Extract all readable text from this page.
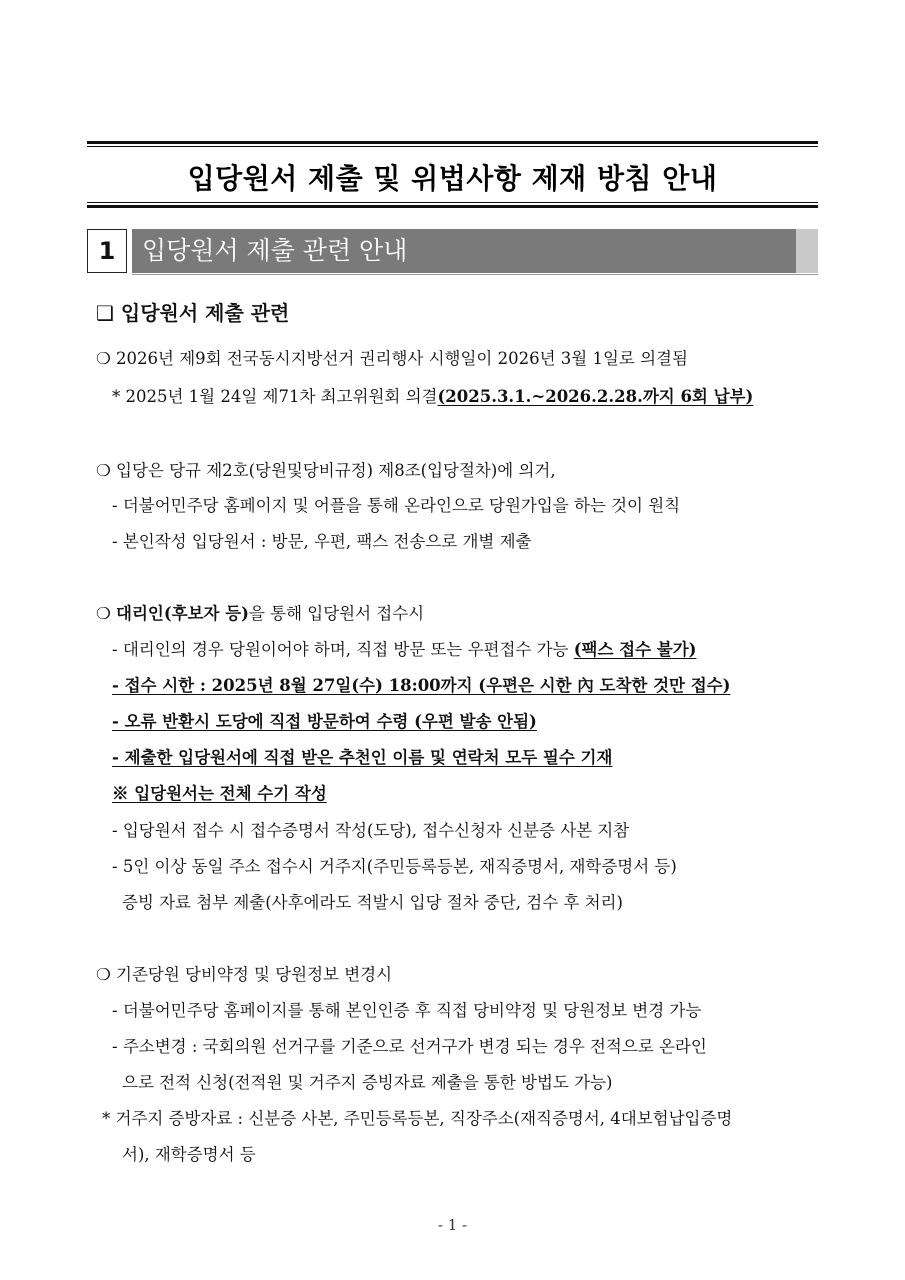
입당원서 제출 및 위법사항 제재 방침 안내
1	입당원서 제출 관련 안내
❑ 입당원서 제출 관련
❍ 2026년 제9회 전국동시지방선거 권리행사 시행일이 2026년 3월 1일로 의결됨
* 2025년 1월 24일 제71차 최고위원회 의결(2025.3.1.~2026.2.28.까지 6회 납부)
❍ 입당은 당규 제2호(당원및당비규정) 제8조(입당절차)에 의거,
- 더불어민주당 홈페이지 및 어플을 통해 온라인으로 당원가입을 하는 것이 원칙
- 본인작성 입당원서 : 방문, 우편, 팩스 전송으로 개별 제출
❍ 대리인(후보자 등)을 통해 입당원서 접수시
- 대리인의 경우 당원이어야 하며, 직접 방문 또는 우편접수 가능 (팩스 접수 불가)
- 접수 시한 : 2025년 8월 27일(수) 18:00까지 (우편은 시한 內 도착한 것만 접수)
- 오류 반환시 도당에 직접 방문하여 수령 (우편 발송 안됨)
- 제출한 입당원서에 직접 받은 추천인 이름 및 연락처 모두 필수 기재
※ 입당원서는 전체 수기 작성
- 입당원서 접수 시 접수증명서 작성(도당), 접수신청자 신분증 사본 지참
- 5인 이상 동일 주소 접수시 거주지(주민등록등본, 재직증명서, 재학증명서 등)
증빙 자료 첨부 제출(사후에라도 적발시 입당 절차 중단, 검수 후 처리)
❍ 기존당원 당비약정 및 당원정보 변경시
- 더불어민주당 홈페이지를 통해 본인인증 후 직접 당비약정 및 당원정보 변경 가능
- 주소변경 : 국회의원 선거구를 기준으로 선거구가 변경 되는 경우 전적으로 온라인
으로 전적 신청(전적원 및 거주지 증빙자료 제출을 통한 방법도 가능)
* 거주지 증방자료 : 신분증 사본, 주민등록등본, 직장주소(재직증명서, 4대보험납입증명
서), 재학증명서 등
- 1 -
